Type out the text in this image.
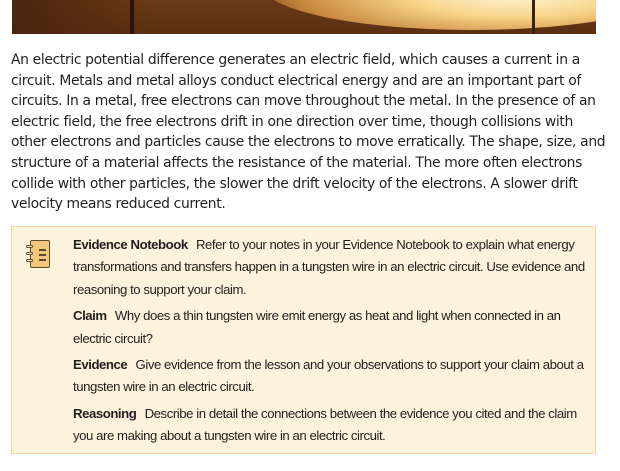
An electric potential difference generates an electric field, which causes a current in a circuit. Metals and metal alloys conduct electrical energy and are an important part of circuits. In a metal, free electrons can move throughout the metal. In the presence of an electric field, the free electrons drift in one direction over time, though collisions with other electrons and particles cause the electrons to move erratically. The shape, size, and structure of a material affects the resistance of the material. The more often electrons collide with other particles, the slower the drift velocity of the electrons. A slower drift velocity means reduced current.

Evidence Notebook Refer to your notes in your Evidence Notebook to explain what energy transformations and transfers happen in a tungsten wire in an electric circuit. Use evidence and reasoning to support your claim.

Claim Why does a thin tungsten wire emit energy as heat and light when connected in an electric circuit?

Evidence Give evidence from the lesson and your observations to support your claim about a tungsten wire in an electric circuit.

Reasoning Describe in detail the connections between the evidence you cited and the claim you are making about a tungsten wire in an electric circuit.
